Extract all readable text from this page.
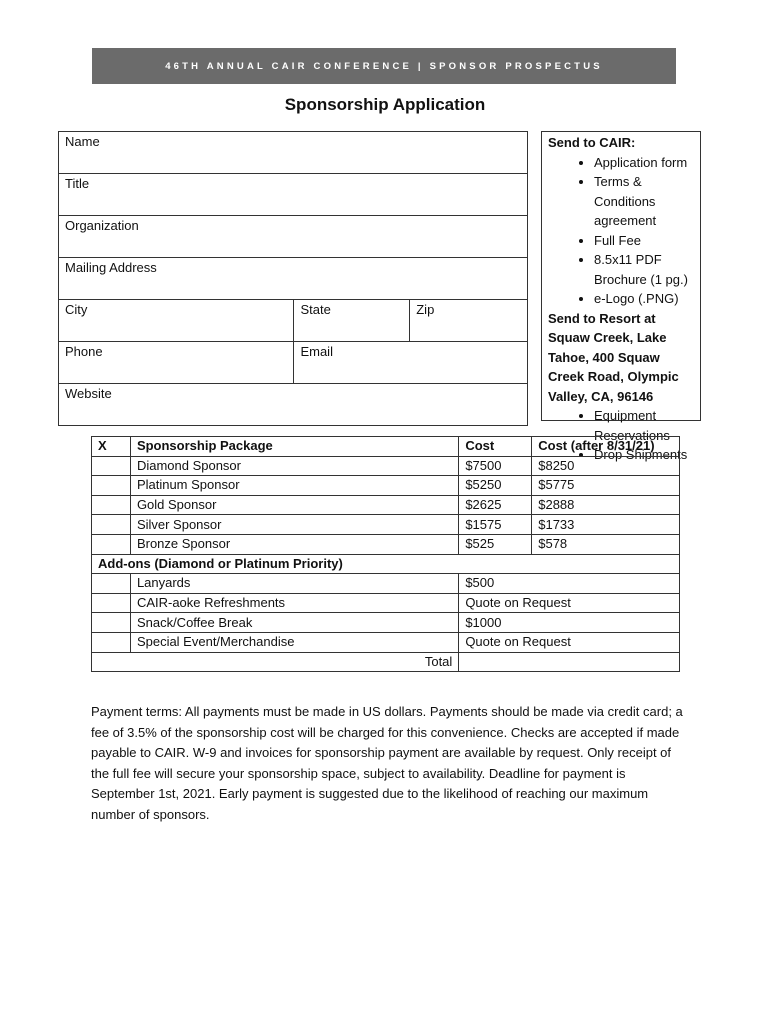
46TH ANNUAL CAIR CONFERENCE | SPONSOR PROSPECTUS
Sponsorship Application
Name		
Title		
Organization		
Mailing Address		
City	State	Zip
Phone	Email	
Website		
Send to CAIR:
• Application form
• Terms & Conditions agreement
• Full Fee
• 8.5x11 PDF Brochure (1 pg.)
• e-Logo (.PNG)
Send to Resort at Squaw Creek, Lake Tahoe, 400 Squaw Creek Road, Olympic Valley, CA, 96146
• Equipment Reservations
• Drop Shipments
X	Sponsorship Package	Cost	Cost (after 8/31/21)
	Diamond Sponsor	$7500	$8250
	Platinum Sponsor	$5250	$5775
	Gold Sponsor	$2625	$2888
	Silver Sponsor	$1575	$1733
	Bronze Sponsor	$525	$578
Add-ons (Diamond or Platinum Priority)			
	Lanyards	$500	
	CAIR-aoke Refreshments	Quote on Request	
	Snack/Coffee Break	$1000	
	Special Event/Merchandise	Quote on Request	
Total			
Payment terms: All payments must be made in US dollars. Payments should be made via credit card; a fee of 3.5% of the sponsorship cost will be charged for this convenience. Checks are accepted if made payable to CAIR. W-9 and invoices for sponsorship payment are available by request. Only receipt of the full fee will secure your sponsorship space, subject to availability. Deadline for payment is September 1st, 2021. Early payment is suggested due to the likelihood of reaching our maximum number of sponsors.
